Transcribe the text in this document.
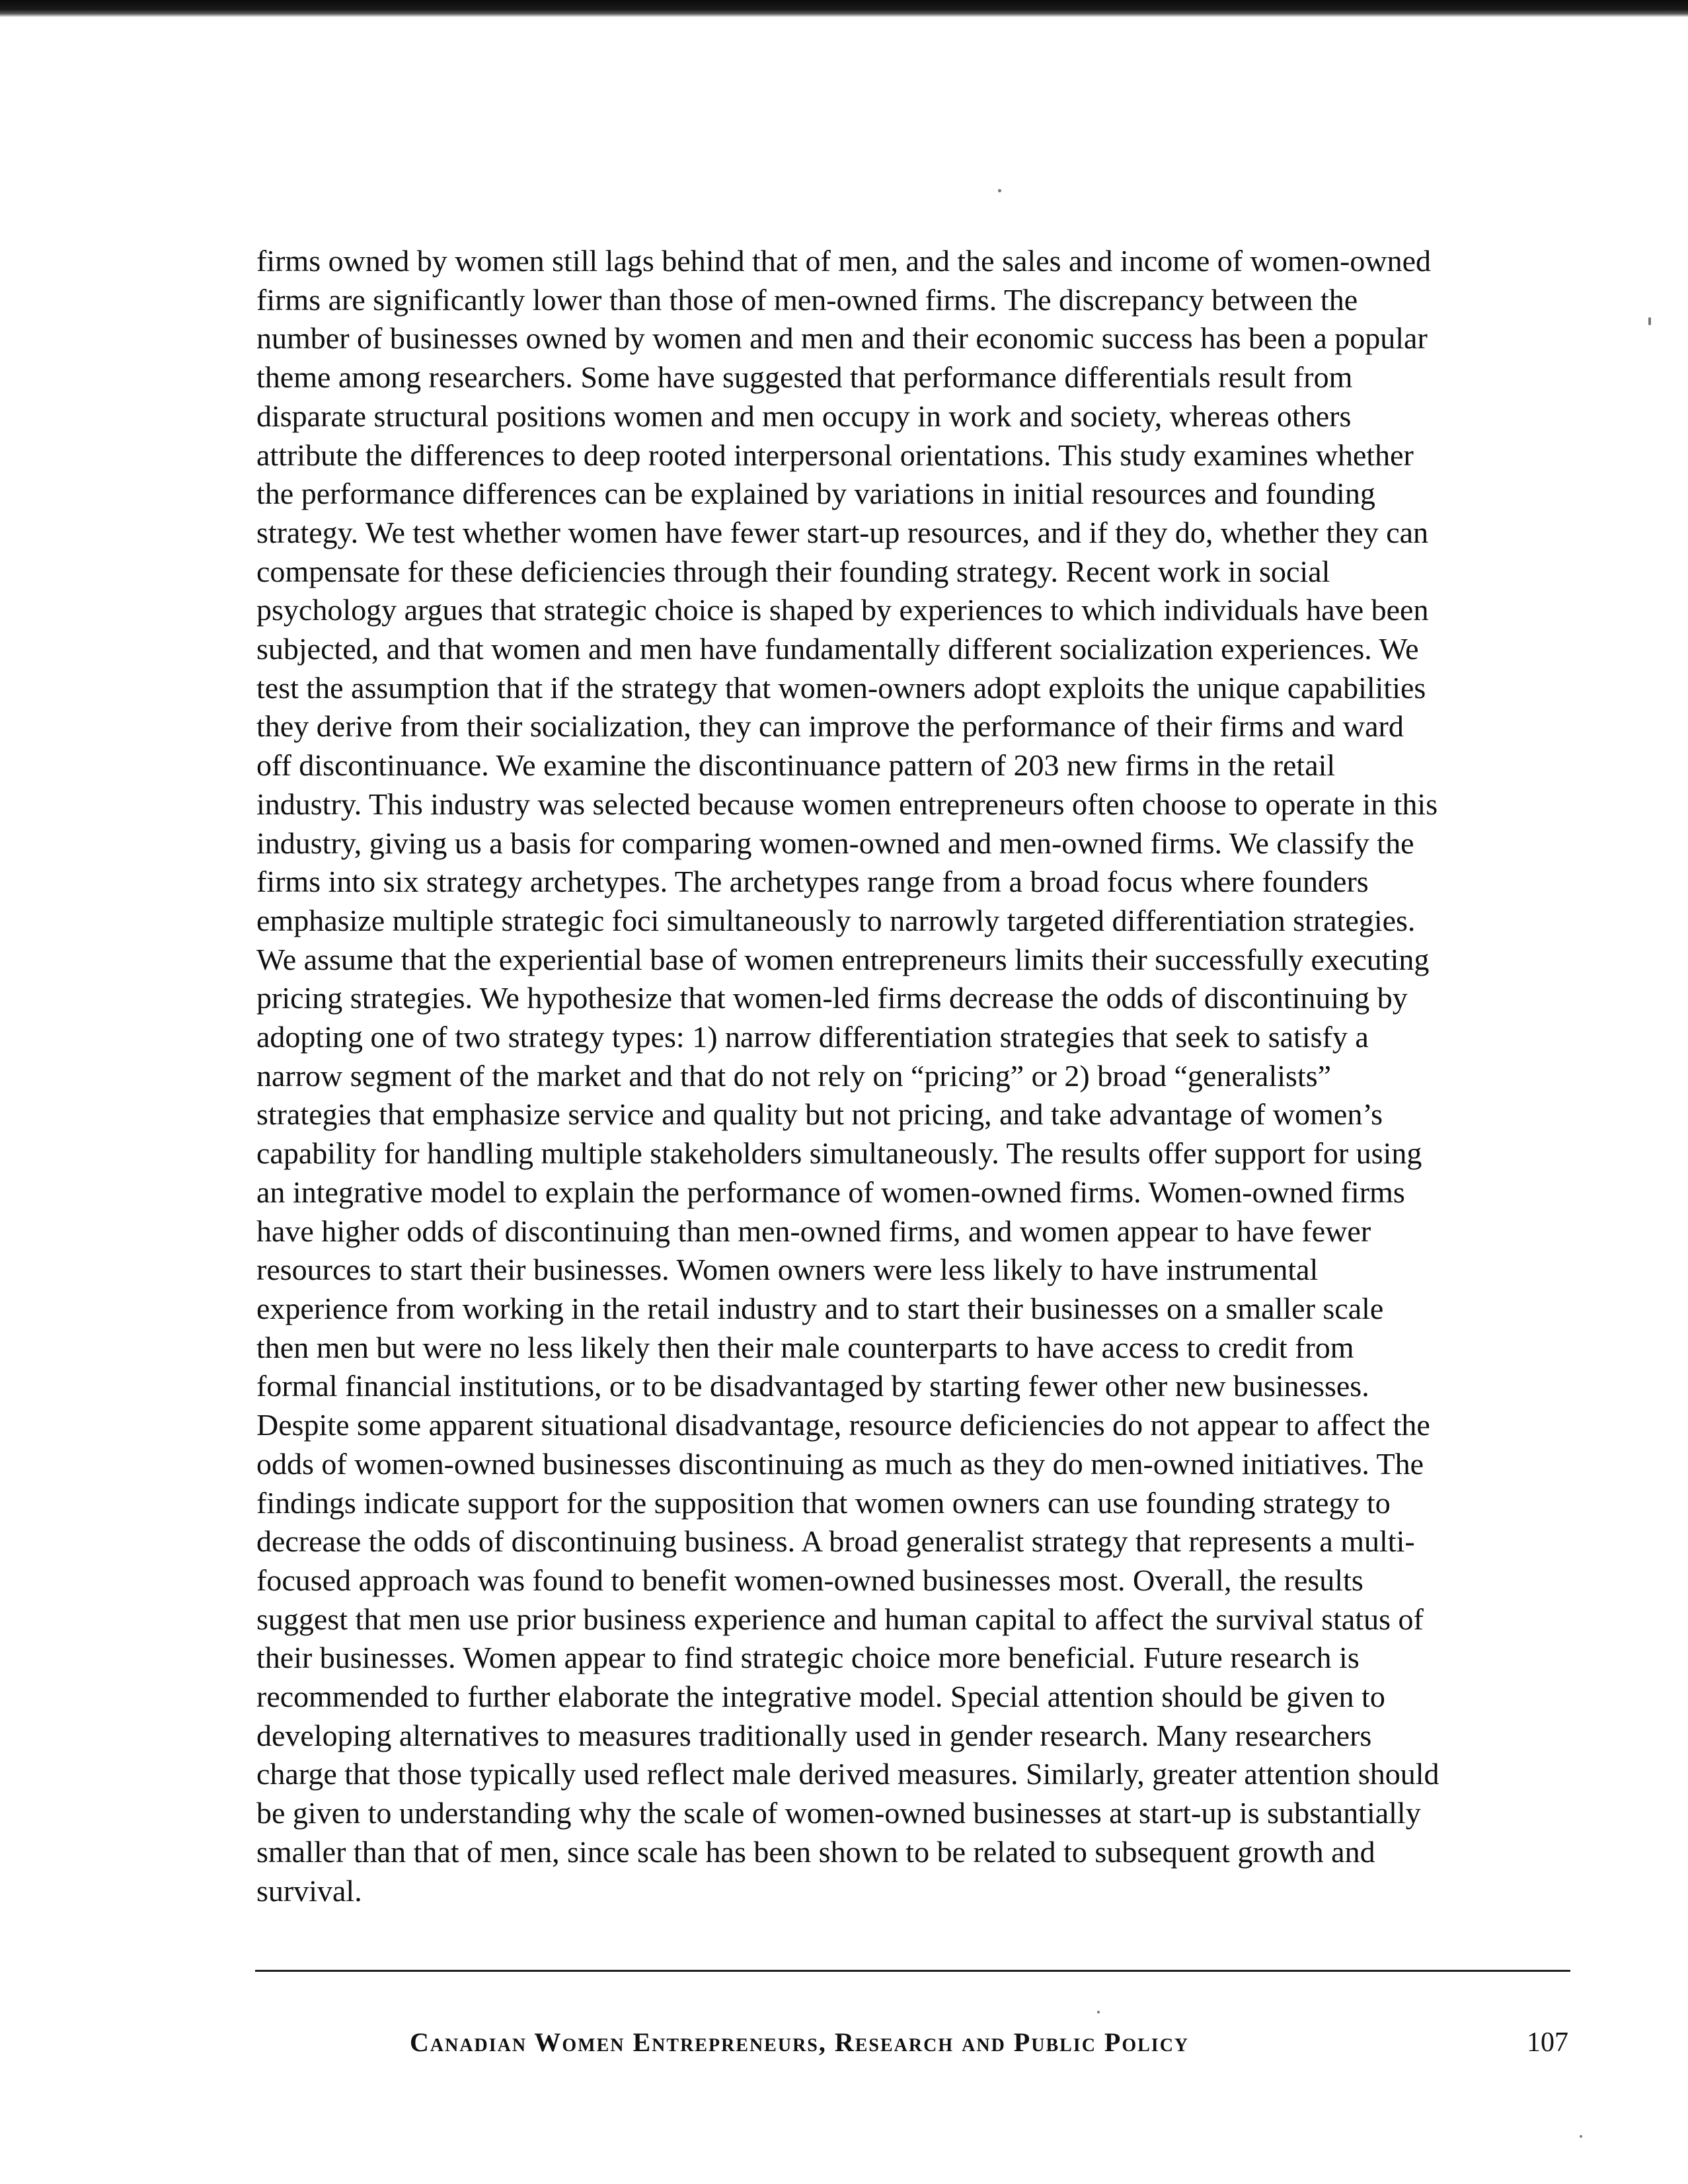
firms owned by women still lags behind that of men, and the sales and income of women-owned
firms are significantly lower than those of men-owned firms. The discrepancy between the
number of businesses owned by women and men and their economic success has been a popular
theme among researchers. Some have suggested that performance differentials result from
disparate structural positions women and men occupy in work and society, whereas others
attribute the differences to deep rooted interpersonal orientations. This study examines whether
the performance differences can be explained by variations in initial resources and founding
strategy. We test whether women have fewer start-up resources, and if they do, whether they can
compensate for these deficiencies through their founding strategy. Recent work in social
psychology argues that strategic choice is shaped by experiences to which individuals have been
subjected, and that women and men have fundamentally different socialization experiences. We
test the assumption that if the strategy that women-owners adopt exploits the unique capabilities
they derive from their socialization, they can improve the performance of their firms and ward
off discontinuance. We examine the discontinuance pattern of 203 new firms in the retail
industry. This industry was selected because women entrepreneurs often choose to operate in this
industry, giving us a basis for comparing women-owned and men-owned firms. We classify the
firms into six strategy archetypes. The archetypes range from a broad focus where founders
emphasize multiple strategic foci simultaneously to narrowly targeted differentiation strategies.
We assume that the experiential base of women entrepreneurs limits their successfully executing
pricing strategies. We hypothesize that women-led firms decrease the odds of discontinuing by
adopting one of two strategy types: 1) narrow differentiation strategies that seek to satisfy a
narrow segment of the market and that do not rely on “pricing” or 2) broad “generalists”
strategies that emphasize service and quality but not pricing, and take advantage of women’s
capability for handling multiple stakeholders simultaneously. The results offer support for using
an integrative model to explain the performance of women-owned firms. Women-owned firms
have higher odds of discontinuing than men-owned firms, and women appear to have fewer
resources to start their businesses. Women owners were less likely to have instrumental
experience from working in the retail industry and to start their businesses on a smaller scale
then men but were no less likely then their male counterparts to have access to credit from
formal financial institutions, or to be disadvantaged by starting fewer other new businesses.
Despite some apparent situational disadvantage, resource deficiencies do not appear to affect the
odds of women-owned businesses discontinuing as much as they do men-owned initiatives. The
findings indicate support for the supposition that women owners can use founding strategy to
decrease the odds of discontinuing business. A broad generalist strategy that represents a multi-
focused approach was found to benefit women-owned businesses most. Overall, the results
suggest that men use prior business experience and human capital to affect the survival status of
their businesses. Women appear to find strategic choice more beneficial. Future research is
recommended to further elaborate the integrative model. Special attention should be given to
developing alternatives to measures traditionally used in gender research. Many researchers
charge that those typically used reflect male derived measures. Similarly, greater attention should
be given to understanding why the scale of women-owned businesses at start-up is substantially
smaller than that of men, since scale has been shown to be related to subsequent growth and
survival.
Canadian Women Entrepreneurs, Research and Public Policy	107
